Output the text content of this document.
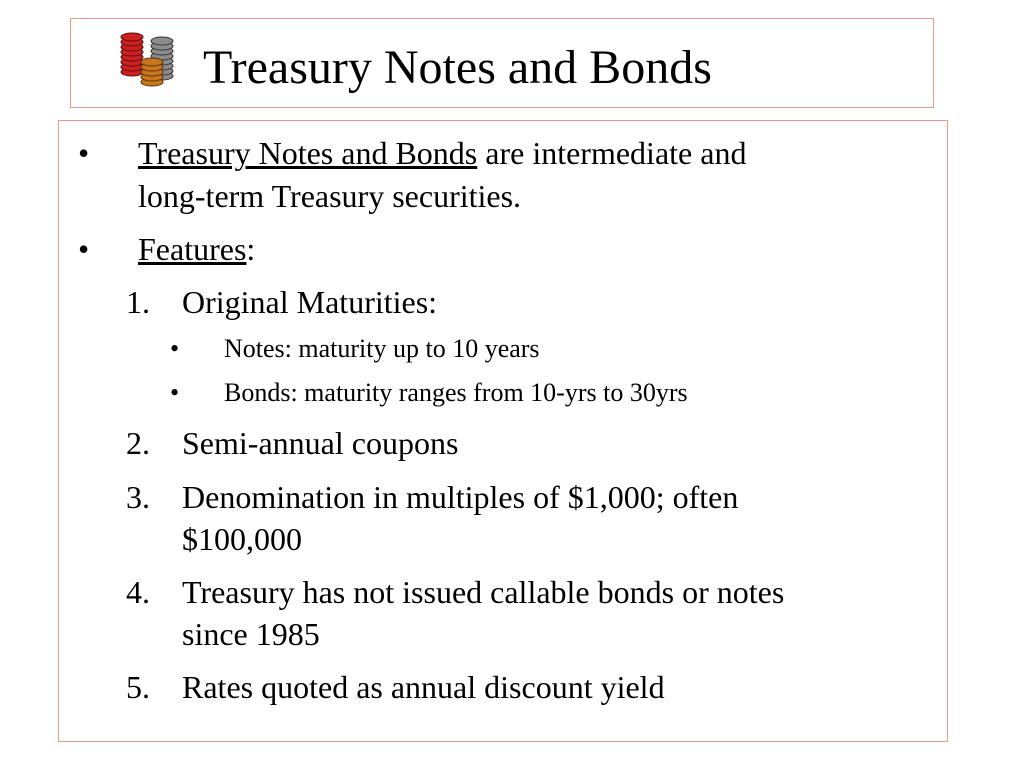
Treasury Notes and Bonds
• Treasury Notes and Bonds are intermediate and
long-term Treasury securities.
• Features:
1. Original Maturities:
• Notes: maturity up to 10 years
• Bonds: maturity ranges from 10-yrs to 30yrs
2. Semi-annual coupons
3. Denomination in multiples of $1,000; often
$100,000
4. Treasury has not issued callable bonds or notes
since 1985
5. Rates quoted as annual discount yield
